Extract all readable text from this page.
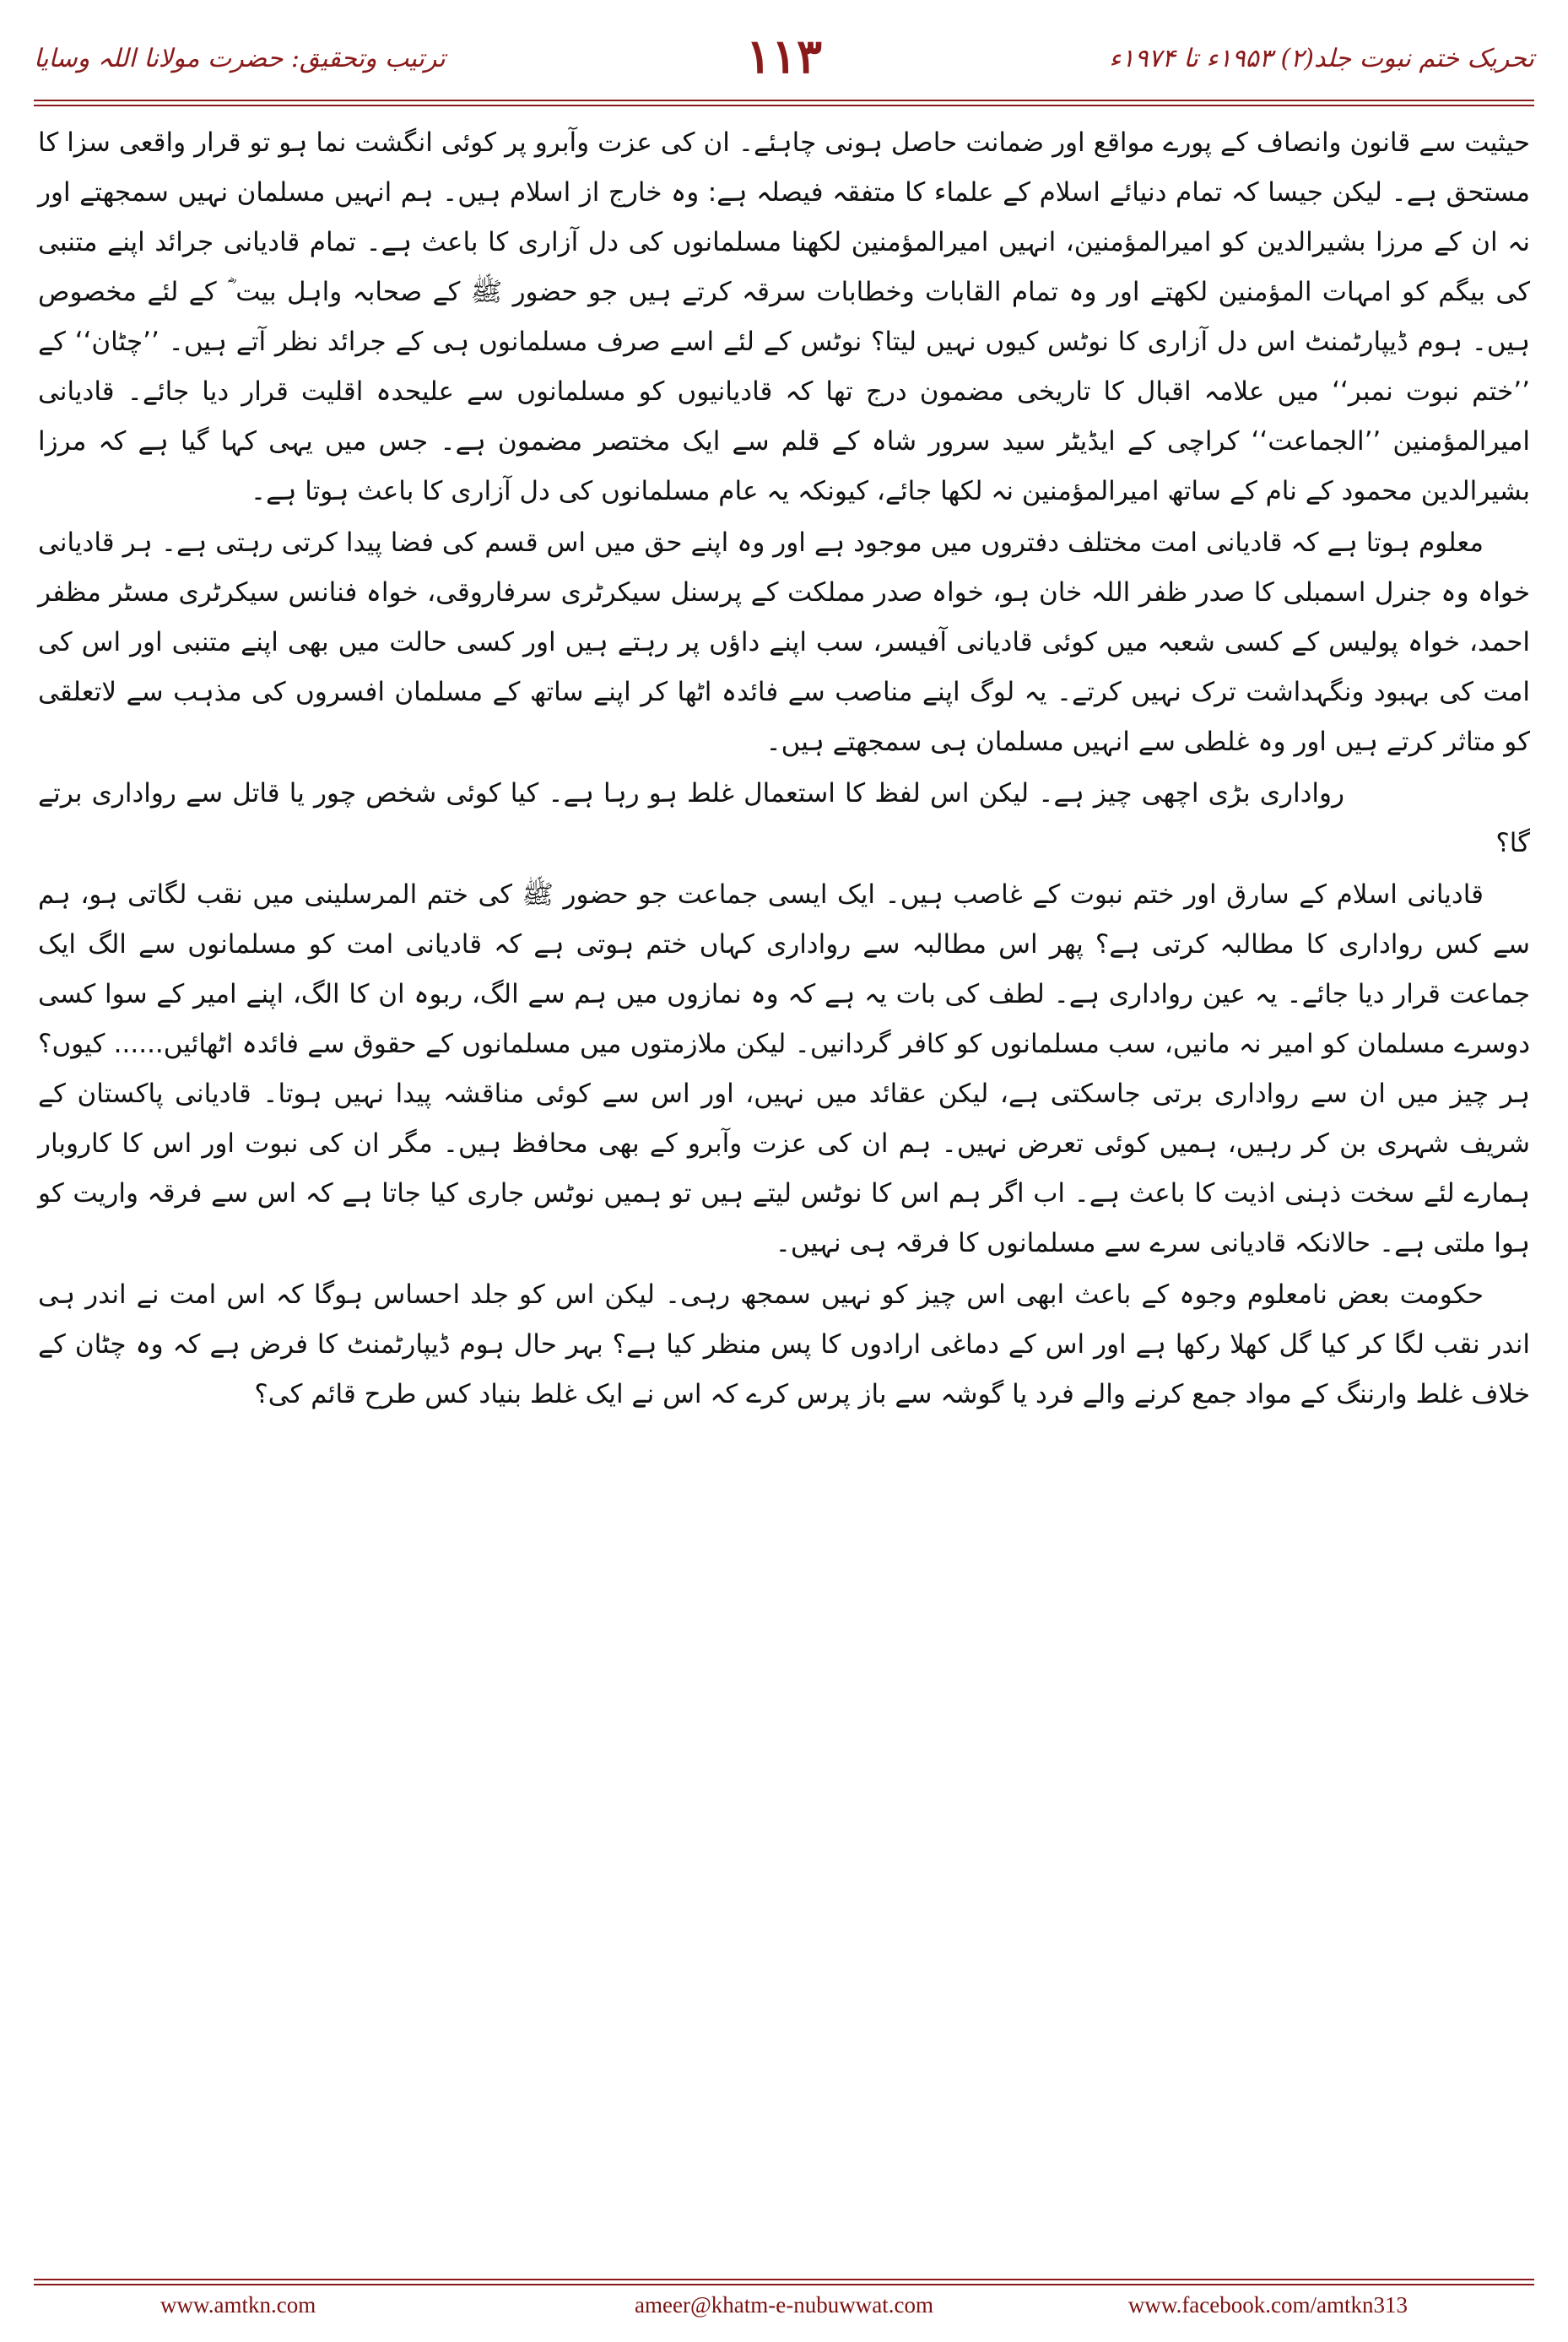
ترتیب وتحقیق: حضرت مولانا اللہ وسایا	١١٣	تحریک ختم نبوت جلد(۲) ۱۹۵۳ء تا ۱۹۷۴ء

حیثیت سے قانون وانصاف کے پورے مواقع اور ضمانت حاصل ہونی چاہئے۔ ان کی عزت وآبرو پر کوئی انگشت نما ہو تو قرار واقعی سزا کا مستحق ہے۔ لیکن جیسا کہ تمام دنیائے اسلام کے علماء کا متفقہ فیصلہ ہے: وہ خارج از اسلام ہیں۔ ہم انہیں مسلمان نہیں سمجھتے اور نہ ان کے مرزا بشیرالدین کو امیرالمؤمنین، انہیں امیرالمؤمنین لکھنا مسلمانوں کی دل آزاری کا باعث ہے۔ تمام قادیانی جرائد اپنے متنبی کی بیگم کو امہات المؤمنین لکھتے اور وہ تمام القابات وخطابات سرقہ کرتے ہیں جو حضور ﷺ کے صحابہ واہل بیت ؓ کے لئے مخصوص ہیں۔ ہوم ڈیپارٹمنٹ اس دل آزاری کا نوٹس کیوں نہیں لیتا؟ نوٹس کے لئے اسے صرف مسلمانوں ہی کے جرائد نظر آتے ہیں۔ ’’چٹان‘‘ کے ’’ختم نبوت نمبر‘‘ میں علامہ اقبال کا تاریخی مضمون درج تھا کہ قادیانیوں کو مسلمانوں سے علیحدہ اقلیت قرار دیا جائے۔ قادیانی امیرالمؤمنین ’’الجماعت‘‘ کراچی کے ایڈیٹر سید سرور شاہ کے قلم سے ایک مختصر مضمون ہے۔ جس میں یہی کہا گیا ہے کہ مرزا بشیرالدین محمود کے نام کے ساتھ امیرالمؤمنین نہ لکھا جائے، کیونکہ یہ عام مسلمانوں کی دل آزاری کا باعث ہوتا ہے۔

معلوم ہوتا ہے کہ قادیانی امت مختلف دفتروں میں موجود ہے اور وہ اپنے حق میں اس قسم کی فضا پیدا کرتی رہتی ہے۔ ہر قادیانی خواہ وہ جنرل اسمبلی کا صدر ظفر اللہ خان ہو، خواہ صدر مملکت کے پرسنل سیکرٹری سرفاروقی، خواہ فنانس سیکرٹری مسٹر مظفر احمد، خواہ پولیس کے کسی شعبہ میں کوئی قادیانی آفیسر، سب اپنے داؤں پر رہتے ہیں اور کسی حالت میں بھی اپنے متنبی اور اس کی امت کی بہبود ونگہداشت ترک نہیں کرتے۔ یہ لوگ اپنے مناصب سے فائدہ اٹھا کر اپنے ساتھ کے مسلمان افسروں کی مذہب سے لاتعلقی کو متاثر کرتے ہیں اور وہ غلطی سے انہیں مسلمان ہی سمجھتے ہیں۔

رواداری بڑی اچھی چیز ہے۔ لیکن اس لفظ کا استعمال غلط ہو رہا ہے۔ کیا کوئی شخص چور یا قاتل سے رواداری برتے گا؟

قادیانی اسلام کے سارق اور ختم نبوت کے غاصب ہیں۔ ایک ایسی جماعت جو حضور ﷺ کی ختم المرسلینی میں نقب لگاتی ہو، ہم سے کس رواداری کا مطالبہ کرتی ہے؟ پھر اس مطالبہ سے رواداری کہاں ختم ہوتی ہے کہ قادیانی امت کو مسلمانوں سے الگ ایک جماعت قرار دیا جائے۔ یہ عین رواداری ہے۔ لطف کی بات یہ ہے کہ وہ نمازوں میں ہم سے الگ، ربوہ ان کا الگ، اپنے امیر کے سوا کسی دوسرے مسلمان کو امیر نہ مانیں، سب مسلمانوں کو کافر گردانیں۔ لیکن ملازمتوں میں مسلمانوں کے حقوق سے فائدہ اٹھائیں...... کیوں؟ ہر چیز میں ان سے رواداری برتی جاسکتی ہے، لیکن عقائد میں نہیں، اور اس سے کوئی مناقشہ پیدا نہیں ہوتا۔ قادیانی پاکستان کے شریف شہری بن کر رہیں، ہمیں کوئی تعرض نہیں۔ ہم ان کی عزت وآبرو کے بھی محافظ ہیں۔ مگر ان کی نبوت اور اس کا کاروبار ہمارے لئے سخت ذہنی اذیت کا باعث ہے۔ اب اگر ہم اس کا نوٹس لیتے ہیں تو ہمیں نوٹس جاری کیا جاتا ہے کہ اس سے فرقہ واریت کو ہوا ملتی ہے۔ حالانکہ قادیانی سرے سے مسلمانوں کا فرقہ ہی نہیں۔

حکومت بعض نامعلوم وجوہ کے باعث ابھی اس چیز کو نہیں سمجھ رہی۔ لیکن اس کو جلد احساس ہوگا کہ اس امت نے اندر ہی اندر نقب لگا کر کیا گل کھلا رکھا ہے اور اس کے دماغی ارادوں کا پس منظر کیا ہے؟ بہر حال ہوم ڈیپارٹمنٹ کا فرض ہے کہ وہ چٹان کے خلاف غلط وارننگ کے مواد جمع کرنے والے فرد یا گوشہ سے باز پرس کرے کہ اس نے ایک غلط بنیاد کس طرح قائم کی؟

www.amtkn.com	ameer@khatm-e-nubuwwat.com	www.facebook.com/amtkn313
